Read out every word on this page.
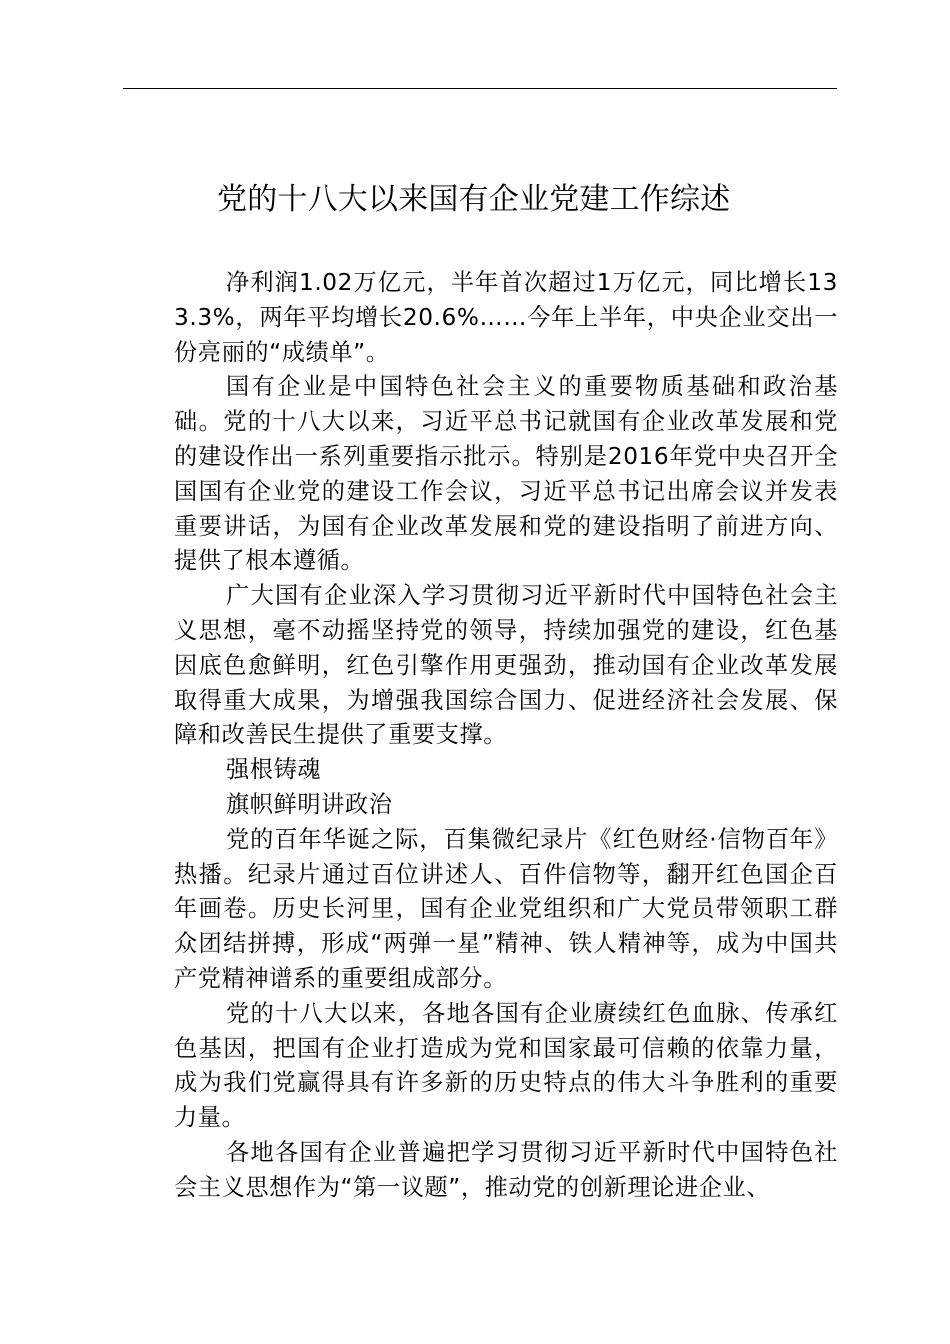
党的十八大以来国有企业党建工作综述

净利润1.02万亿元，半年首次超过1万亿元，同比增长133.3%，两年平均增长20.6%……今年上半年，中央企业交出一份亮丽的“成绩单”。

国有企业是中国特色社会主义的重要物质基础和政治基础。党的十八大以来，习近平总书记就国有企业改革发展和党的建设作出一系列重要指示批示。特别是2016年党中央召开全国国有企业党的建设工作会议，习近平总书记出席会议并发表重要讲话，为国有企业改革发展和党的建设指明了前进方向、提供了根本遵循。

广大国有企业深入学习贯彻习近平新时代中国特色社会主义思想，毫不动摇坚持党的领导，持续加强党的建设，红色基因底色愈鲜明，红色引擎作用更强劲，推动国有企业改革发展取得重大成果，为增强我国综合国力、促进经济社会发展、保障和改善民生提供了重要支撑。

强根铸魂

旗帜鲜明讲政治

党的百年华诞之际，百集微纪录片《红色财经·信物百年》热播。纪录片通过百位讲述人、百件信物等，翻开红色国企百年画卷。历史长河里，国有企业党组织和广大党员带领职工群众团结拼搏，形成“两弹一星”精神、铁人精神等，成为中国共产党精神谱系的重要组成部分。

党的十八大以来，各地各国有企业赓续红色血脉、传承红色基因，把国有企业打造成为党和国家最可信赖的依靠力量，成为我们党赢得具有许多新的历史特点的伟大斗争胜利的重要力量。

各地各国有企业普遍把学习贯彻习近平新时代中国特色社会主义思想作为“第一议题”，推动党的创新理论进企业、
